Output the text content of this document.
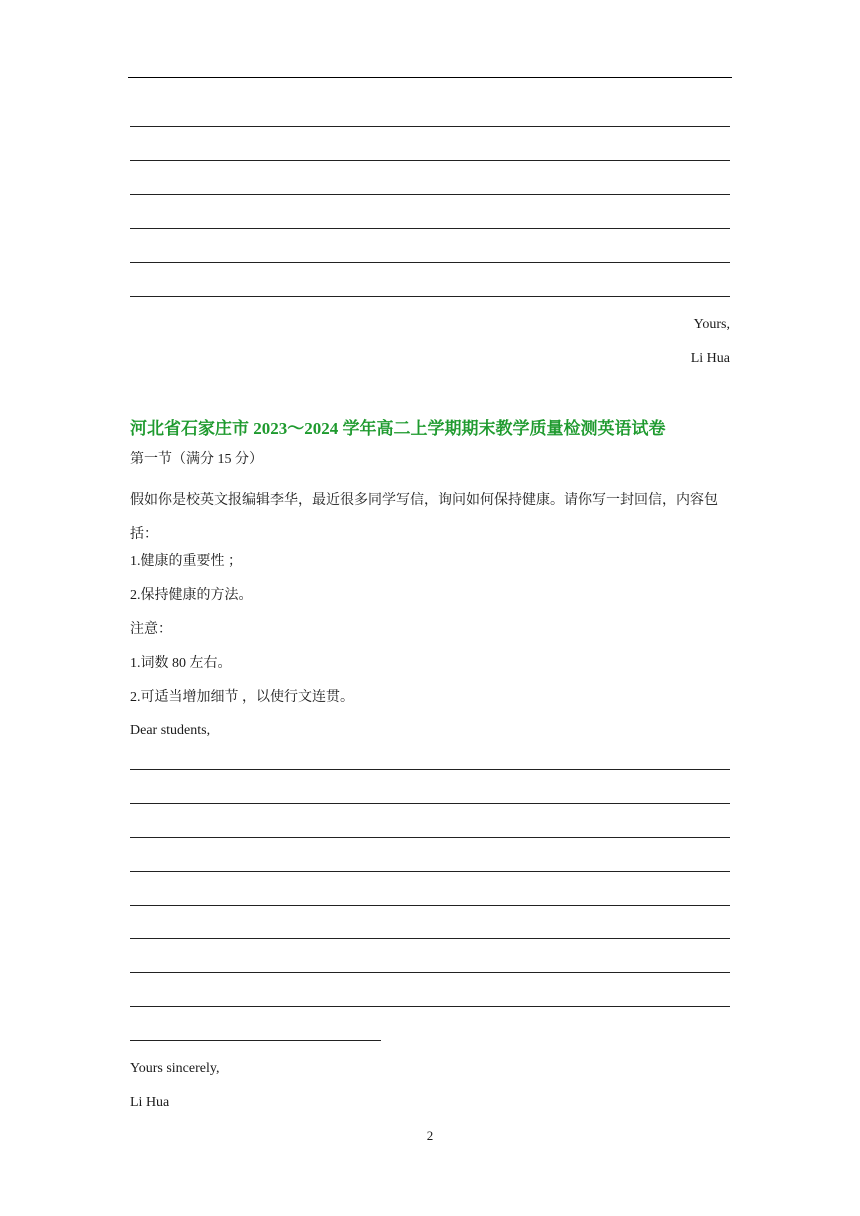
Yours,
Li Hua
河北省石家庄市 2023～2024 学年高二上学期期末教学质量检测英语试卷
第一节（满分 15 分）
假如你是校英文报编辑李华，最近很多同学写信，询问如何保持健康。请你写一封回信，内容包括：
1.健康的重要性 ；
2.保持健康的方法。
注意：
1.词数 80 左右。
2.可适当增加细节 ，以使行文连贯。
Dear students,
Yours sincerely,
Li Hua
2
